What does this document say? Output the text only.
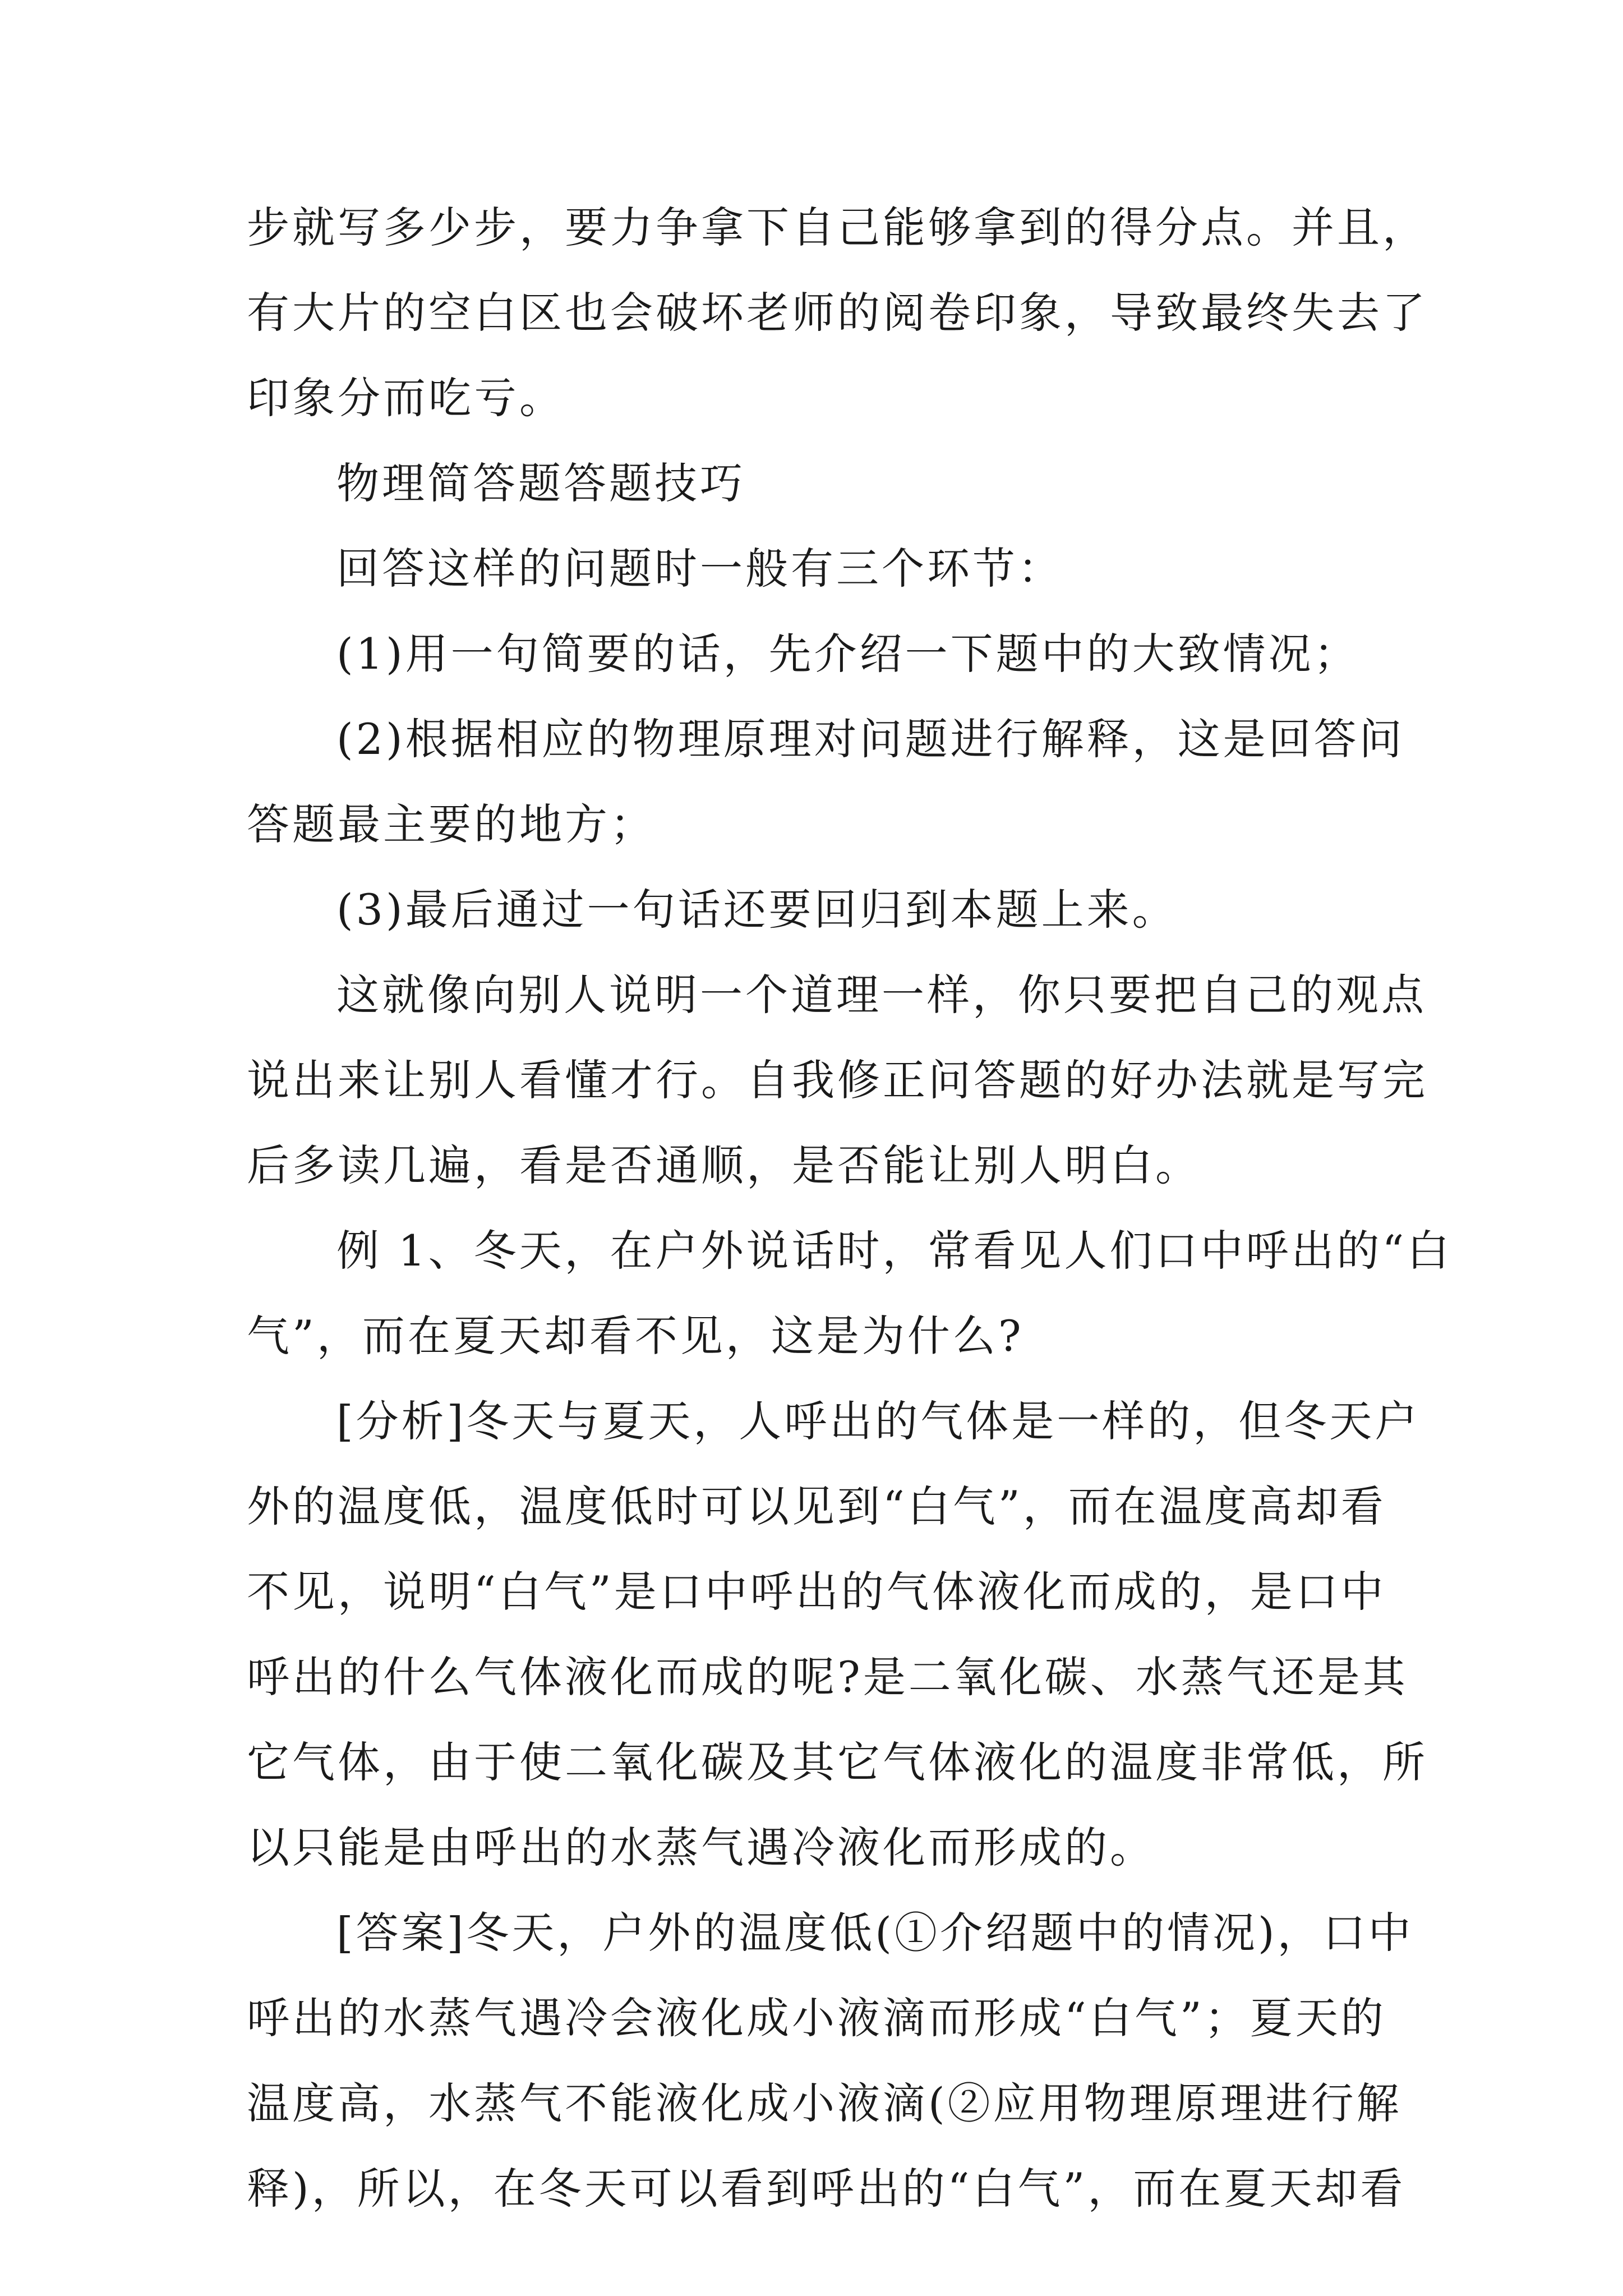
步就写多少步，要力争拿下自己能够拿到的得分点。并且，
有大片的空白区也会破坏老师的阅卷印象，导致最终失去了
印象分而吃亏。
物理简答题答题技巧
回答这样的问题时一般有三个环节：
(1)用一句简要的话，先介绍一下题中的大致情况；
(2)根据相应的物理原理对问题进行解释，这是回答问
答题最主要的地方；
(3)最后通过一句话还要回归到本题上来。
这就像向别人说明一个道理一样，你只要把自己的观点
说出来让别人看懂才行。自我修正问答题的好办法就是写完
后多读几遍，看是否通顺，是否能让别人明白。
例 1、冬天，在户外说话时，常看见人们口中呼出的“白
气”，而在夏天却看不见，这是为什么?
[分析]冬天与夏天，人呼出的气体是一样的，但冬天户
外的温度低，温度低时可以见到“白气”，而在温度高却看
不见，说明“白气”是口中呼出的气体液化而成的，是口中
呼出的什么气体液化而成的呢?是二氧化碳、水蒸气还是其
它气体，由于使二氧化碳及其它气体液化的温度非常低，所
以只能是由呼出的水蒸气遇冷液化而形成的。
[答案]冬天，户外的温度低(①介绍题中的情况)，口中
呼出的水蒸气遇冷会液化成小液滴而形成“白气”；夏天的
温度高，水蒸气不能液化成小液滴(②应用物理原理进行解
释)，所以，在冬天可以看到呼出的“白气”，而在夏天却看
